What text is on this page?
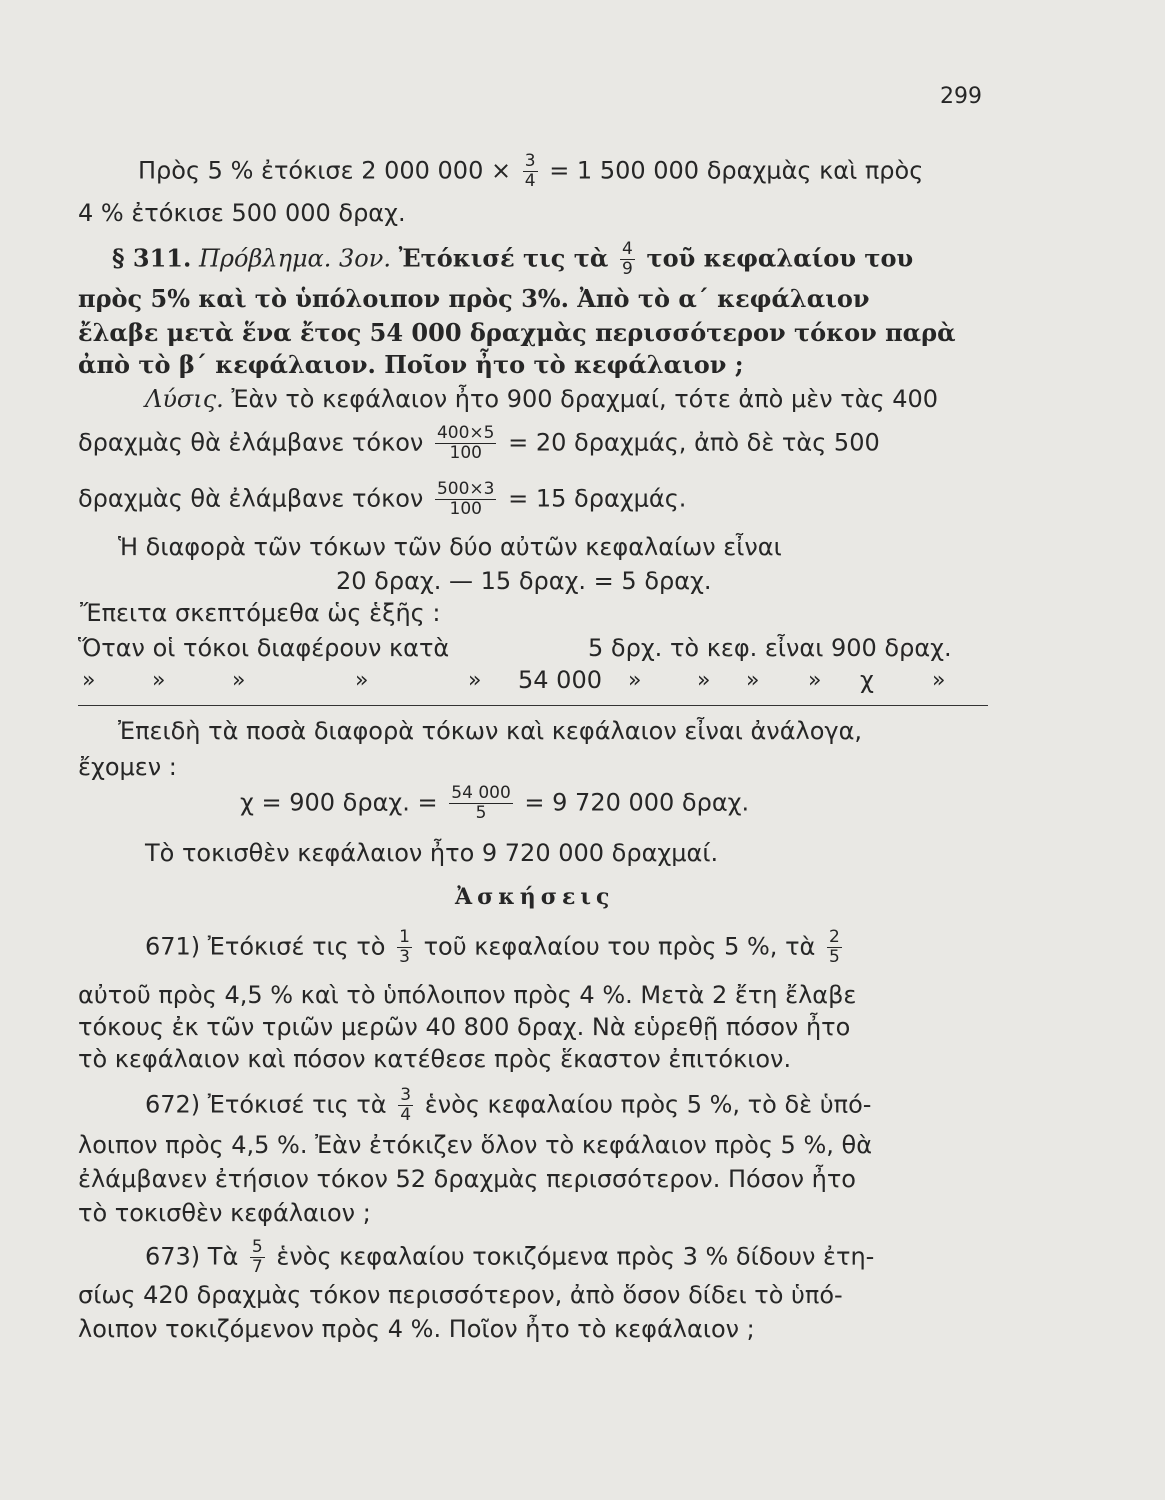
299
Πρὸς 5 % ἐτόκισε 2 000 $000 \times \frac{3}{4} = 1$ 500 000 δραχμὰς καὶ πρὸς
4 % ἐτόκισε 500 000 δραχ.
§ 311. Πρόβλημα. 3ον. Ἐτόκισέ τις τὰ $\frac{4}{9}$ τοῦ κεφαλαίου του
πρὸς 5% καὶ τὸ ὑπόλοιπον πρὸς 3%. Ἀπὸ τὸ α΄ κεφάλαιον
ἔλαβε μετὰ ἕνα ἔτος 54 000 δραχμὰς περισσότερον τόκον παρὰ
ἀπὸ τὸ β΄ κεφάλαιον. Ποῖον ἦτο τὸ κεφάλαιον ;
Λύσις. Ἐὰν τὸ κεφάλαιον ἦτο 900 δραχμαί, τότε ἀπὸ μὲν τὰς 400
δραχμὰς θὰ ἐλάμβανε τόκον $\frac{400\times 5}{100} = 20$ δραχμάς, ἀπὸ δὲ τὰς 500
δραχμὰς θὰ ἐλάμβανε τόκον $\frac{500\times 3}{100} = 15$ δραχμάς.
Ἡ διαφορὰ τῶν τόκων τῶν δύο αὐτῶν κεφαλαίων εἶναι
20 δραχ. — 15 δραχ. = 5 δραχ.
Ἔπειτα σκεπτόμεθα ὡς ἑξῆς :
Ὅταν οἱ τόκοι διαφέρουν κατὰ	5 δρχ. τὸ κεφ. εἶναι 900 δραχ.
»	»	»	»	» 54 000 »	» » » χ	»
Ἐπειδὴ τὰ ποσὰ διαφορὰ τόκων καὶ κεφάλαιον εἶναι ἀνάλογα,
ἔχομεν :
χ = 900 δραχ. = $\frac{54 000}{5} = 9$ 720 000 δραχ.
Τὸ τοκισθὲν κεφάλαιον ἦτο 9 720 000 δραχμαί.
Ἀσκήσεις
671) Ἐτόκισέ τις τὸ $\frac{1}{3}$ τοῦ κεφαλαίου του πρὸς 5 %, τὰ $\frac{2}{5}$
αὐτοῦ πρὸς 4,5 % καὶ τὸ ὑπόλοιπον πρὸς 4 %. Μετὰ 2 ἔτη ἔλαβε
τόκους ἐκ τῶν τριῶν μερῶν 40 800 δραχ. Νὰ εὑρεθῇ πόσον ἦτο
τὸ κεφάλαιον καὶ πόσον κατέθεσε πρὸς ἕκαστον ἐπιτόκιον.
672) Ἐτόκισέ τις τὰ $\frac{3}{4}$ ἑνὸς κεφαλαίου πρὸς 5 %, τὸ δὲ ὑπό-
λοιπον πρὸς 4,5 %. Ἐὰν ἐτόκιζεν ὅλον τὸ κεφάλαιον πρὸς 5 %, θὰ
ἐλάμβανεν ἐτήσιον τόκον 52 δραχμὰς περισσότερον. Πόσον ἦτο
τὸ τοκισθὲν κεφάλαιον ;
673) Τὰ $\frac{5}{7}$ ἑνὸς κεφαλαίου τοκιζόμενα πρὸς 3 % δίδουν ἐτη-
σίως 420 δραχμὰς τόκον περισσότερον, ἀπὸ ὅσον δίδει τὸ ὑπό-
λοιπον τοκιζόμενον πρὸς 4 %. Ποῖον ἦτο τὸ κεφάλαιον ;
